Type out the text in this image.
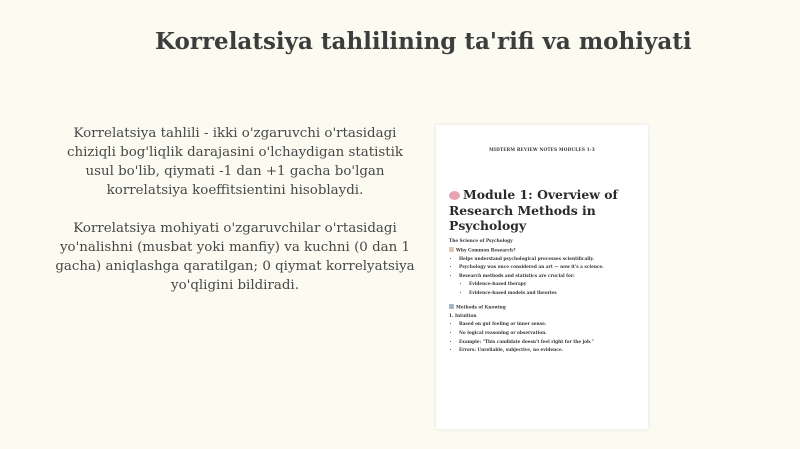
Korrelatsiya tahlilining ta'rifi va mohiyati

Korrelatsiya tahlili - ikki o'zgaruvchi o'rtasidagi chiziqli bog'liqlik darajasini o'lchaydigan statistik usul bo'lib, qiymati -1 dan +1 gacha bo'lgan korrelatsiya koeffitsientini hisoblaydi.

Korrelatsiya mohiyati o'zgaruvchilar o'rtasidagi yo'nalishni (musbat yoki manfiy) va kuchni (0 dan 1 gacha) aniqlashga qaratilgan; 0 qiymat korrelyatsiya yo'qligini bildiradi.

MIDTERM REVIEW NOTES MODULES 1-3
Module 1: Overview of Research Methods in Psychology
The Science of Psychology
Why Common Research?
• Helps understand psychological processes scientifically.
• Psychology was once considered an art — now it's a science.
• Research methods and statistics are crucial for:
• Evidence-based therapy
• Evidence-based models and theories
Methods of Knowing
1. Intuition
• Based on gut feeling or inner sense.
• No logical reasoning or observation.
• Example: "This candidate doesn't feel right for the job."
• Errors: Unreliable, subjective, no evidence.
